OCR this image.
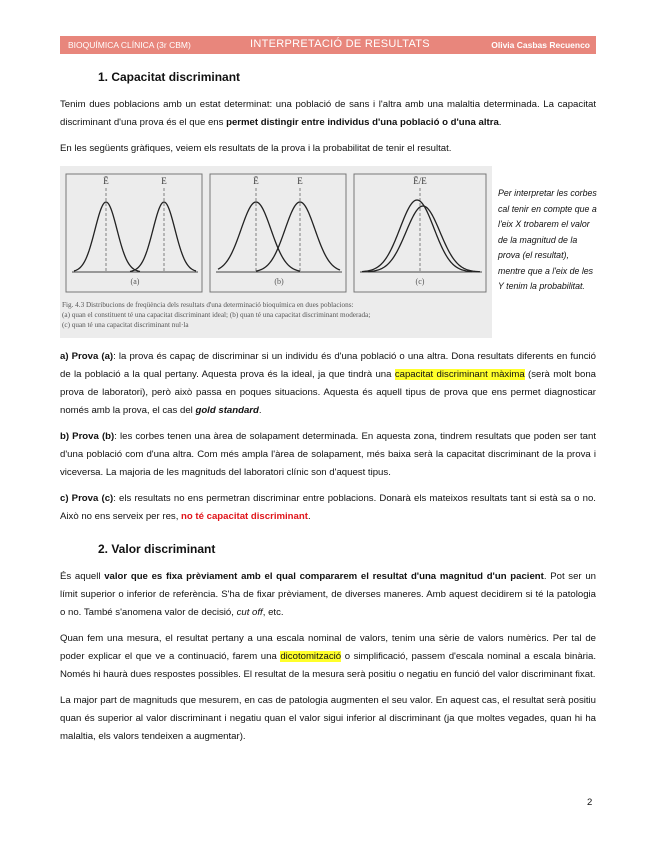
BIOQUÍMICA CLÍNICA (3r CBM)	INTERPRETACIÓ DE RESULTATS	Olivia Casbas Recuenco
1. Capacitat discriminant

Tenim dues poblacions amb un estat determinat: una població de sans i l'altra amb una malaltia determinada. La capacitat discriminant d'una prova és el que ens permet distingir entre individus d'una població o d'una altra.

En les següents gràfiques, veiem els resultats de la prova i la probabilitat de tenir el resultat.

Ē	E	Ē	E	Ē/E
(a)	(b)	(c)
Fig. 4.3 Distribucions de freqüència dels resultats d'una determinació bioquímica en dues poblacions:
(a) quan el constituent té una capacitat discriminant ideal; (b) quan té una capacitat discriminant moderada;
(c) quan té una capacitat discriminant nul·la
Per interpretar les corbes cal tenir en compte que a l'eix X trobarem el valor de la magnitud de la prova (el resultat), mentre que a l'eix de les Y tenim la probabilitat.

a) Prova (a): la prova és capaç de discriminar si un individu és d'una població o una altra. Dona resultats diferents en funció de la població a la qual pertany. Aquesta prova és la ideal, ja que tindrà una capacitat discriminant màxima (serà molt bona prova de laboratori), però això passa en poques situacions. Aquesta és aquell tipus de prova que ens permet diagnosticar només amb la prova, el cas del gold standard.

b) Prova (b): les corbes tenen una àrea de solapament determinada. En aquesta zona, tindrem resultats que poden ser tant d'una població com d'una altra. Com més ampla l'àrea de solapament, més baixa serà la capacitat discriminant de la prova i viceversa. La majoria de les magnituds del laboratori clínic son d'aquest tipus.

c) Prova (c): els resultats no ens permetran discriminar entre poblacions. Donarà els mateixos resultats tant si està sa o no. Això no ens serveix per res, no té capacitat discriminant.

2. Valor discriminant

És aquell valor que es fixa prèviament amb el qual compararem el resultat d'una magnitud d'un pacient. Pot ser un límit superior o inferior de referència. S'ha de fixar prèviament, de diverses maneres. Amb aquest decidirem si té la patologia o no. També s'anomena valor de decisió, cut off, etc.

Quan fem una mesura, el resultat pertany a una escala nominal de valors, tenim una sèrie de valors numèrics. Per tal de poder explicar el que ve a continuació, farem una dicotomització o simplificació, passem d'escala nominal a escala binària. Només hi haurà dues respostes possibles. El resultat de la mesura serà positiu o negatiu en funció del valor discriminant fixat.

La major part de magnituds que mesurem, en cas de patologia augmenten el seu valor. En aquest cas, el resultat serà positiu quan és superior al valor discriminant i negatiu quan el valor sigui inferior al discriminant (ja que moltes vegades, quan hi ha malaltia, els valors tendeixen a augmentar).

2
